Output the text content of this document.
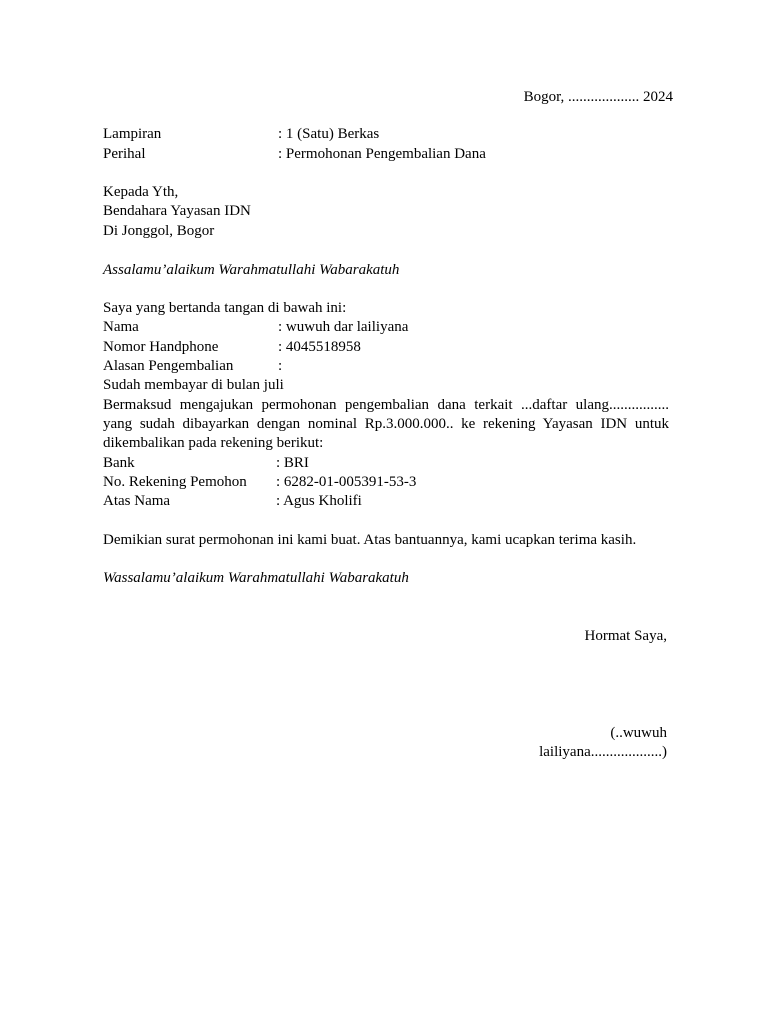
Bogor, ................... 2024
Lampiran	: 1 (Satu) Berkas
Perihal	: Permohonan Pengembalian Dana
Kepada Yth,
Bendahara Yayasan IDN
Di Jonggol, Bogor
Assalamu’alaikum Warahmatullahi Wabarakatuh
Saya yang bertanda tangan di bawah ini:
Nama	: wuwuh dar lailiyana
Nomor Handphone	: 4045518958
Alasan Pengembalian	:
Sudah membayar di bulan juli
Bermaksud mengajukan permohonan pengembalian dana terkait ...daftar ulang................
yang sudah dibayarkan dengan nominal Rp.3.000.000.. ke rekening Yayasan IDN untuk
dikembalikan pada rekening berikut:
Bank	: BRI
No. Rekening Pemohon : 6282-01-005391-53-3
Atas Nama	: Agus Kholifi
Demikian surat permohonan ini kami buat. Atas bantuannya, kami ucapkan terima kasih.
Wassalamu’alaikum Warahmatullahi Wabarakatuh
Hormat Saya,
(..wuwuh
lailiyana...................)
